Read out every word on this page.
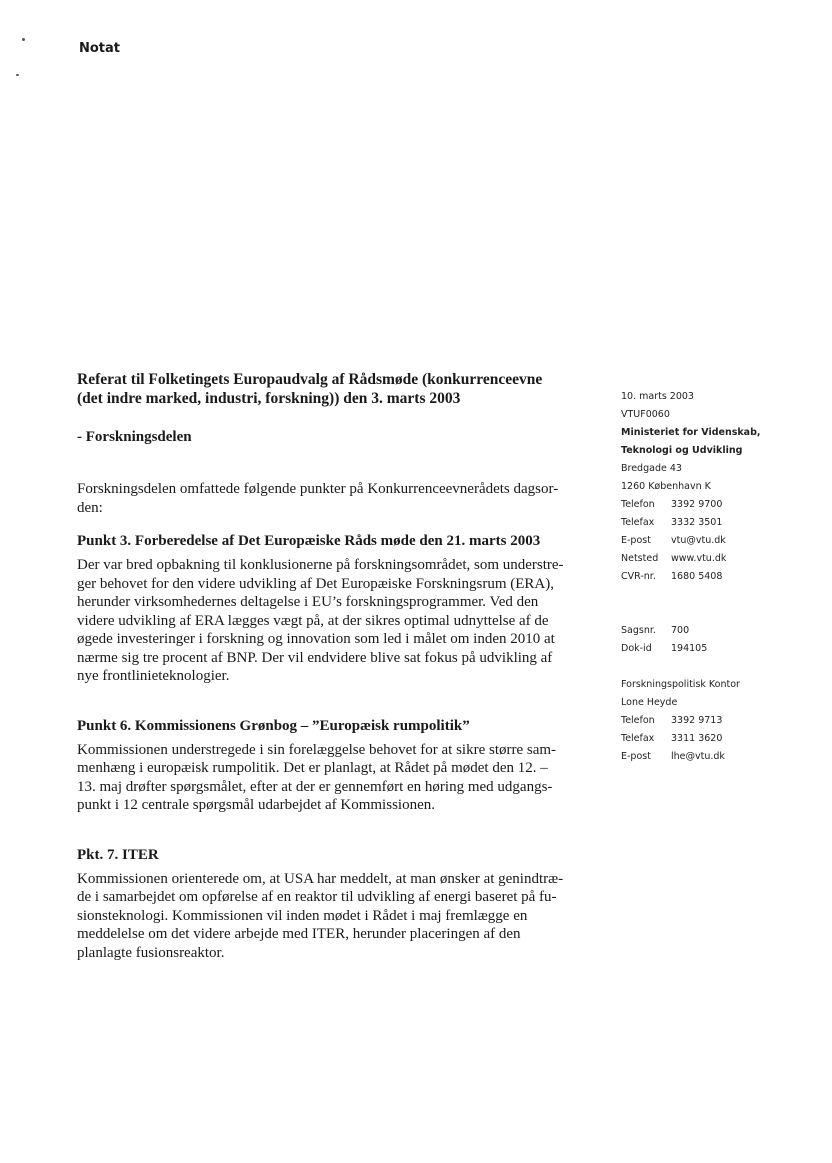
Notat
Referat til Folketingets Europaudvalg af Rådsmøde (konkurrenceevne
(det indre marked, industri, forskning)) den 3. marts 2003
- Forskningsdelen

Forskningsdelen omfattede følgende punkter på Konkurrenceevnerådets dagsor-
den:

Punkt 3. Forberedelse af Det Europæiske Råds møde den 21. marts 2003

Der var bred opbakning til konklusionerne på forskningsområdet, som understre-
ger behovet for den videre udvikling af Det Europæiske Forskningsrum (ERA),
herunder virksomhedernes deltagelse i EU’s forskningsprogrammer. Ved den
videre udvikling af ERA lægges vægt på, at der sikres optimal udnyttelse af de
øgede investeringer i forskning og innovation som led i målet om inden 2010 at
nærme sig tre procent af BNP. Der vil endvidere blive sat fokus på udvikling af
nye frontlinieteknologier.

Punkt 6. Kommissionens Grønbog – ”Europæisk rumpolitik”

Kommissionen understregede i sin forelæggelse behovet for at sikre større sam-
menhæng i europæisk rumpolitik. Det er planlagt, at Rådet på mødet den 12. –
13. maj drøfter spørgsmålet, efter at der er gennemført en høring med udgangs-
punkt i 12 centrale spørgsmål udarbejdet af Kommissionen.

Pkt. 7. ITER

Kommissionen orienterede om, at USA har meddelt, at man ønsker at genindtræ-
de i samarbejdet om opførelse af en reaktor til udvikling af energi baseret på fu-
sionsteknologi. Kommissionen vil inden mødet i Rådet i maj fremlægge en
meddelelse om det videre arbejde med ITER, herunder placeringen af den
planlagte fusionsreaktor.

10. marts 2003
VTUF0060
Ministeriet for Videnskab,
Teknologi og Udvikling
Bredgade 43
1260 København K
Telefon 3392 9700
Telefax 3332 3501
E-post vtu@vtu.dk
Netsted www.vtu.dk
CVR-nr. 1680 5408
Sagsnr. 700
Dok-id 194105
Forskningspolitisk Kontor
Lone Heyde
Telefon 3392 9713
Telefax 3311 3620
E-post lhe@vtu.dk
